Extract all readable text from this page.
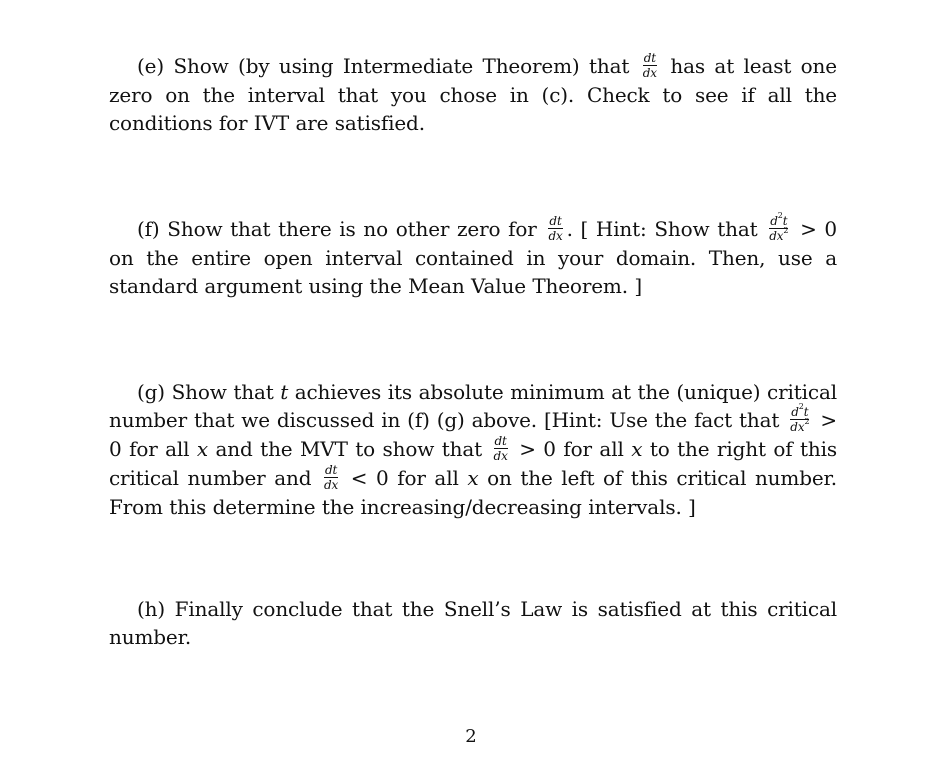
(e) Show (by using Intermediate Theorem) that $\frac{dt}{dx}$ has at least one zero on the interval that you chose in (c). Check to see if all the conditions for IVT are satisfied.
(f) Show that there is no other zero for $\frac{dt}{dx}$ . [ Hint: Show that $\frac{d^2t}{dx^2} > 0$ on the entire open interval contained in your domain. Then, use a standard argument using the Mean Value Theorem. ]
(g) Show that t achieves its absolute minimum at the (unique) critical number that we discussed in (f) (g) above. [Hint: Use the fact that $\frac{d^2t}{dx^2} > 0$ for all x and the MVT to show that $\frac{dt}{dx} > 0$ for all x to the right of this critical number and $\frac{dt}{dx} < 0$ for all x on the left of this critical number. From this determine the increasing/decreasing intervals. ]
(h) Finally conclude that the Snell’s Law is satisfied at this critical number.
2
